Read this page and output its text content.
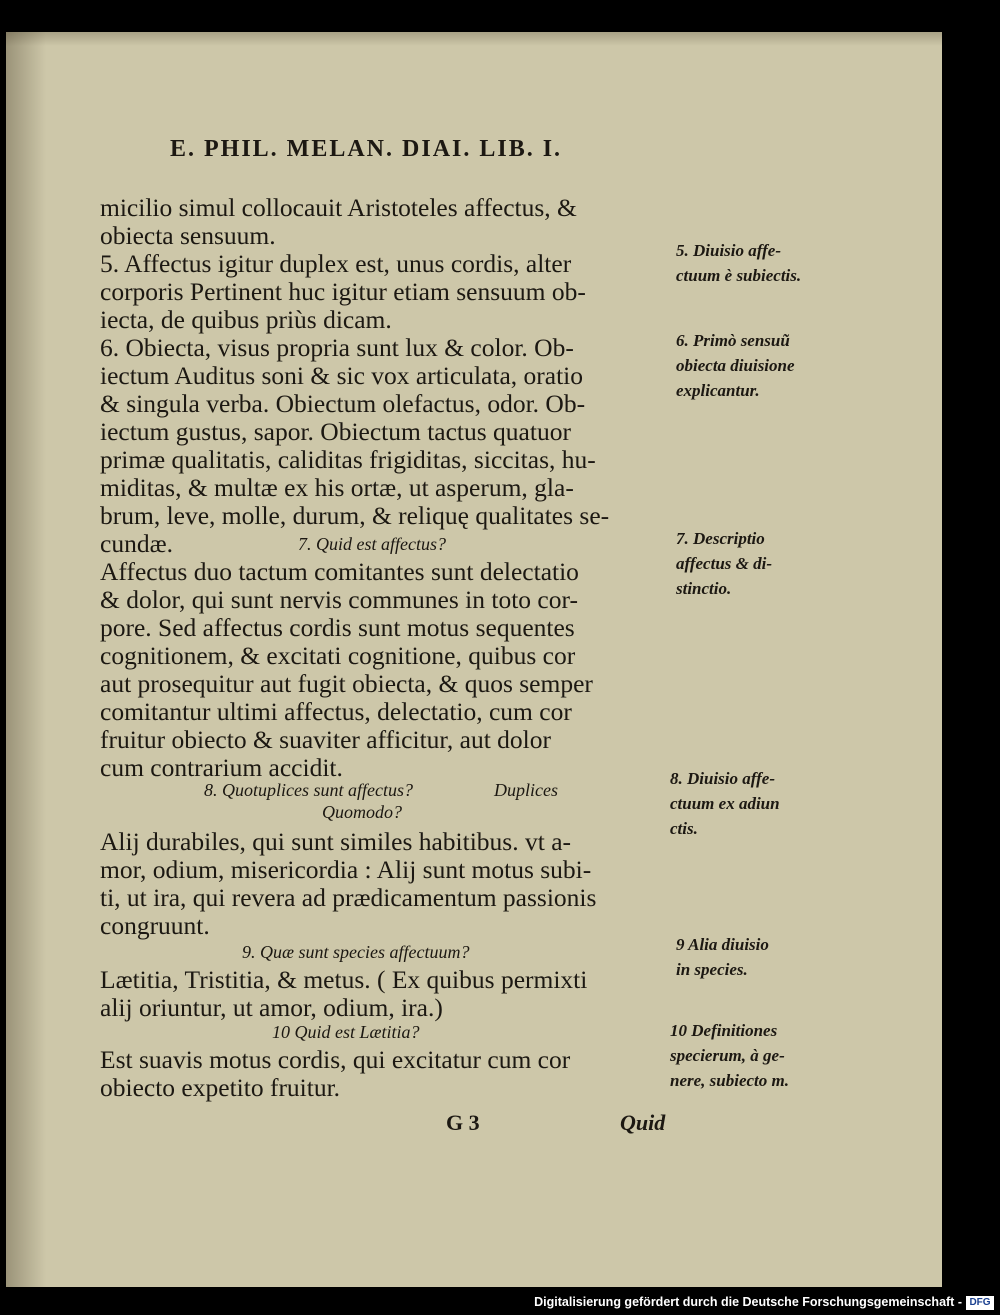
E. PHIL. MELAN. DIAI. LIB. I.
micilio simul collocauit Aristoteles affectus, &
obiecta sensuum.
5. Affectus igitur duplex est, unus cordis, alter
corporis Pertinent huc igitur etiam sensuum ob-
iecta, de quibus priùs dicam.
6. Obiecta, visus propria sunt lux & color. Ob-
iectum Auditus soni & sic vox articulata, oratio
& singula verba. Obiectum olefactus, odor. Ob-
iectum gustus, sapor. Obiectum tactus quatuor
primæ qualitatis, caliditas frigiditas, siccitas, hu-
miditas, & multæ ex his ortæ, ut asperum, gla-
brum, leve, molle, durum, & reliquę qualitates se-
cundæ.	7. Quid est affectus?
Affectus duo tactum comitantes sunt delectatio
& dolor, qui sunt nervis communes in toto cor-
pore. Sed affectus cordis sunt motus sequentes
cognitionem, & excitati cognitione, quibus cor
aut prosequitur aut fugit obiecta, & quos semper
comitantur ultimi affectus, delectatio, cum cor
fruitur obiecto & suaviter afficitur, aut dolor
cum contrarium accidit.
8. Quotuplices sunt affectus?	Duplices
Quomodo?
Alij durabiles, qui sunt similes habitibus. vt a-
mor, odium, misericordia : Alij sunt motus subi-
ti, ut ira, qui revera ad prædicamentum passionis
congruunt.
9. Quæ sunt species affectuum?
Lætitia, Tristitia, & metus. ( Ex quibus permixti
alij oriuntur, ut amor, odium, ira.)
10 Quid est Lætitia?
Est suavis motus cordis, qui excitatur cum cor
obiecto expetito fruitur.
5. Diuisio affe-
ctuum è subiectis.
6. Primò sensuũ
obiecta diuisione
explicantur.
7. Descriptio
affectus & di-
stinctio.
8. Diuisio affe-
ctuum ex adiun
ctis.
9 Alia diuisio
in species.
10 Definitiones
specierum, à ge-
nere, subiecto m.
G 3	Quid
Digitalisierung gefördert durch die Deutsche Forschungsgemeinschaft - DFG
